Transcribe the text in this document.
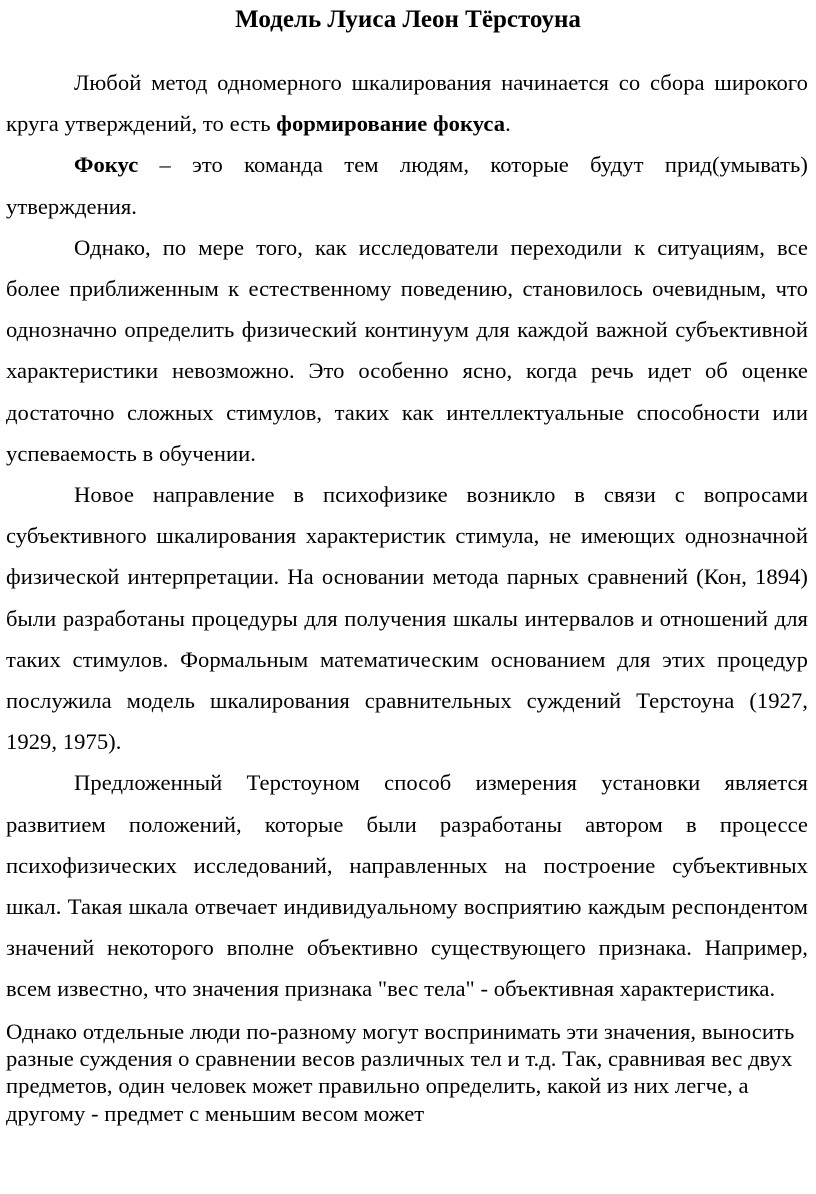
Модель Луиса Леон Тёрстоуна

Любой метод одномерного шкалирования начинается со сбора широкого круга утверждений, то есть формирование фокуса.

Фокус – это команда тем людям, которые будут прид(умывать) утверждения.

Однако, по мере того, как исследователи переходили к ситуациям, все более приближенным к естественному поведению, становилось очевидным, что однозначно определить физический континуум для каждой важной субъективной характеристики невозможно. Это особенно ясно, когда речь идет об оценке достаточно сложных стимулов, таких как интеллектуальные способности или успеваемость в обучении.

Новое направление в психофизике возникло в связи с вопросами субъективного шкалирования характеристик стимула, не имеющих однозначной физической интерпретации. На основании метода парных сравнений (Кон, 1894) были разработаны процедуры для получения шкалы интервалов и отношений для таких стимулов. Формальным математическим основанием для этих процедур послужила модель шкалирования сравнительных суждений Терстоуна (1927, 1929, 1975).

Предложенный Терстоуном способ измерения установки является развитием положений, которые были разработаны автором в процессе психофизических исследований, направленных на построение субъективных шкал. Такая шкала отвечает индивидуальному восприятию каждым респондентом значений некоторого вполне объективно существующего признака. Например, всем известно, что значения признака "вес тела" - объективная характеристика.

Однако отдельные люди по-разному могут воспринимать эти значения, выносить разные суждения о сравнении весов различных тел и т.д. Так, сравнивая вес двух предметов, один человек может правильно определить, какой из них легче, а другому - предмет с меньшим весом может
